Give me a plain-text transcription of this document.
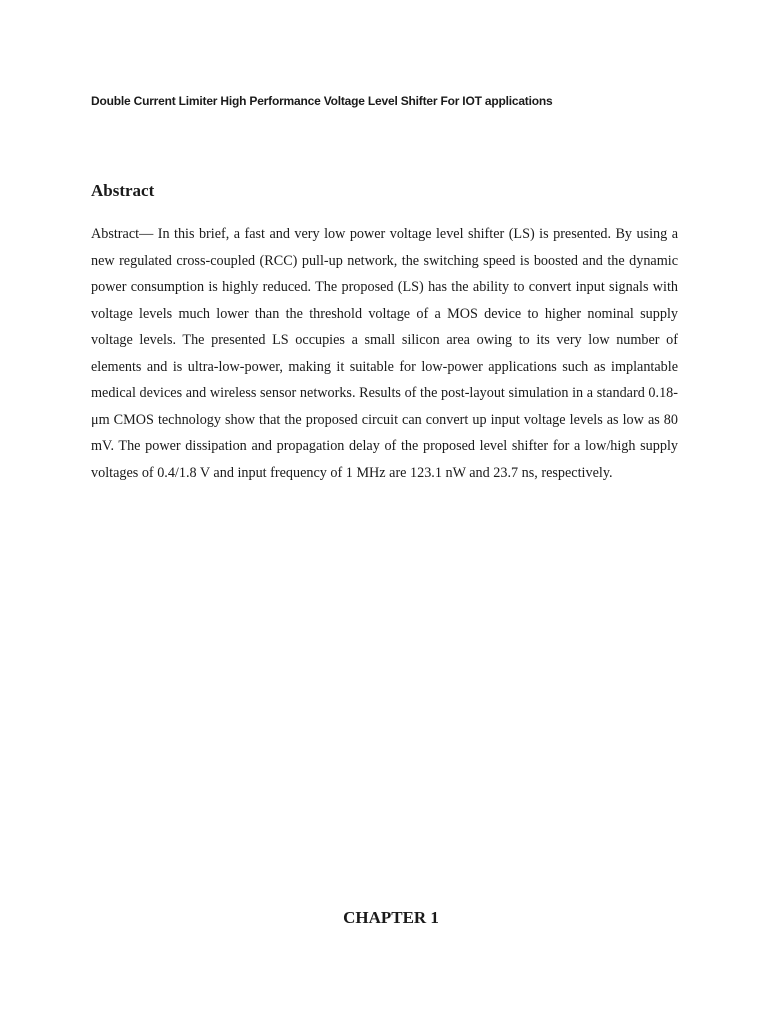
Double Current Limiter High Performance Voltage Level Shifter For IOT applications
Abstract
Abstract— In this brief, a fast and very low power voltage level shifter (LS) is presented. By using a new regulated cross-coupled (RCC) pull-up network, the switching speed is boosted and the dynamic power consumption is highly reduced. The proposed (LS) has the ability to convert input signals with voltage levels much lower than the threshold voltage of a MOS device to higher nominal supply voltage levels. The presented LS occupies a small silicon area owing to its very low number of elements and is ultra-low-power, making it suitable for low-power applications such as implantable medical devices and wireless sensor networks. Results of the post-layout simulation in a standard 0.18-μm CMOS technology show that the proposed circuit can convert up input voltage levels as low as 80 mV. The power dissipation and propagation delay of the proposed level shifter for a low/high supply voltages of 0.4/1.8 V and input frequency of 1 MHz are 123.1 nW and 23.7 ns, respectively.
CHAPTER 1
